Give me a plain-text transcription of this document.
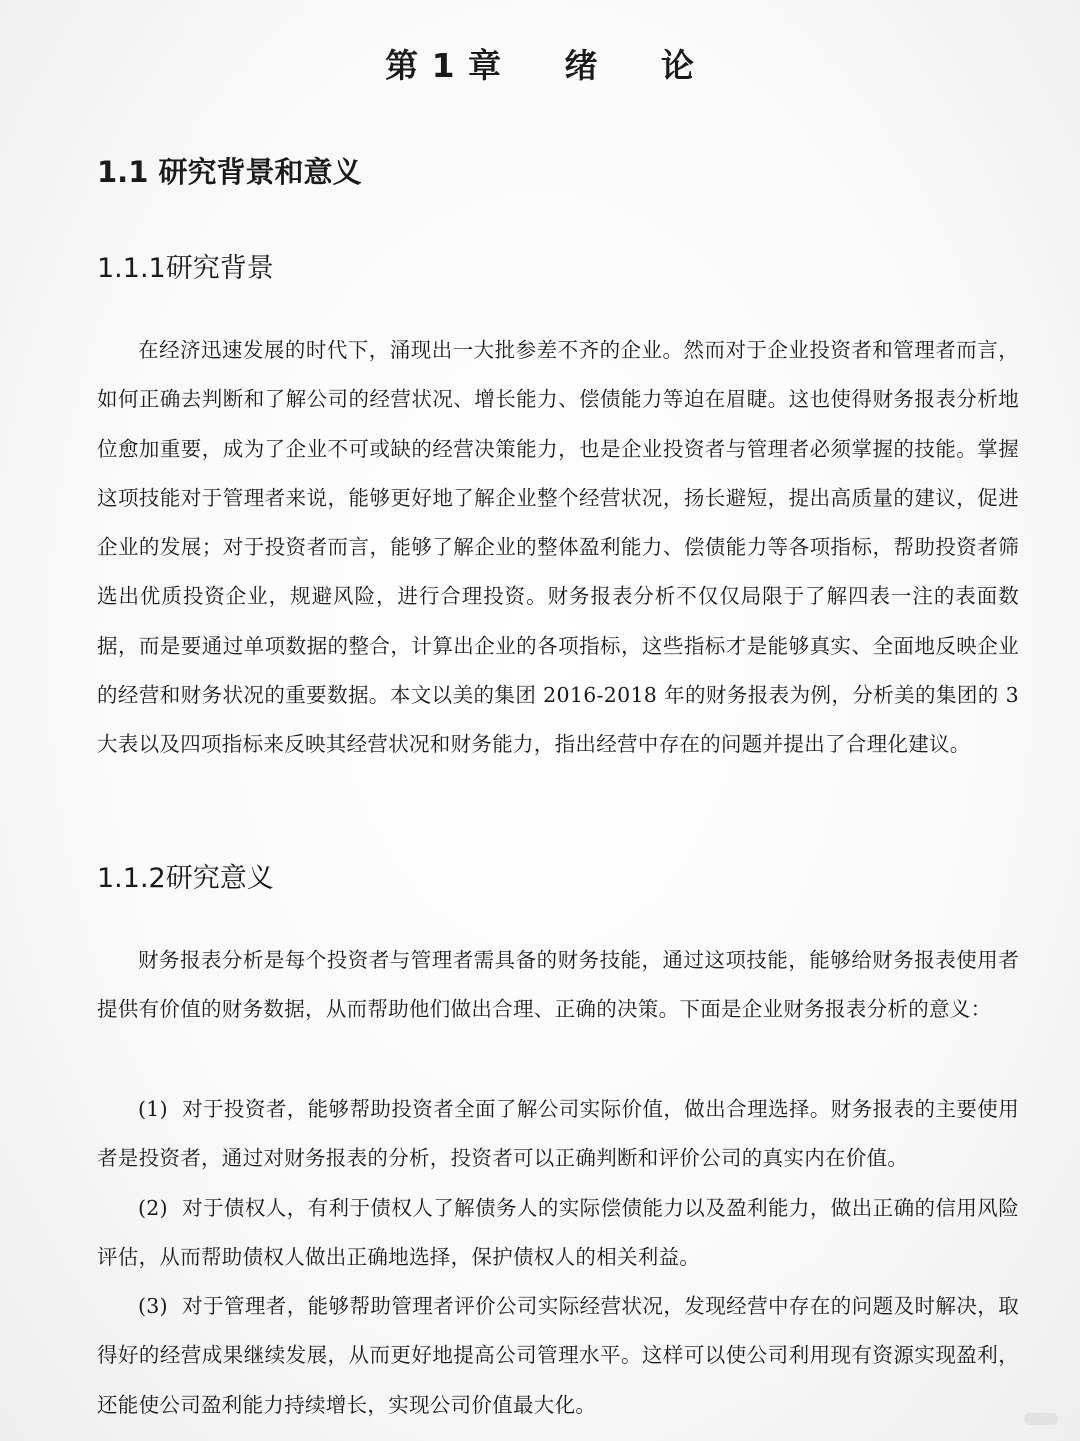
第 1 章     绪     论
1.1 研究背景和意义
1.1.1研究背景
在经济迅速发展的时代下，涌现出一大批参差不齐的企业。然而对于企业投资者和管理者而言，如何正确去判断和了解公司的经营状况、增长能力、偿债能力等迫在眉睫。这也使得财务报表分析地位愈加重要，成为了企业不可或缺的经营决策能力，也是企业投资者与管理者必须掌握的技能。掌握这项技能对于管理者来说，能够更好地了解企业整个经营状况，扬长避短，提出高质量的建议，促进企业的发展；对于投资者而言，能够了解企业的整体盈利能力、偿债能力等各项指标，帮助投资者筛选出优质投资企业，规避风险，进行合理投资。财务报表分析不仅仅局限于了解四表一注的表面数据，而是要通过单项数据的整合，计算出企业的各项指标，这些指标才是能够真实、全面地反映企业的经营和财务状况的重要数据。本文以美的集团 2016-2018 年的财务报表为例，分析美的集团的 3 大表以及四项指标来反映其经营状况和财务能力，指出经营中存在的问题并提出了合理化建议。
1.1.2研究意义
财务报表分析是每个投资者与管理者需具备的财务技能，通过这项技能，能够给财务报表使用者提供有价值的财务数据，从而帮助他们做出合理、正确的决策。下面是企业财务报表分析的意义：

(1) 对于投资者，能够帮助投资者全面了解公司实际价值，做出合理选择。财务报表的主要使用者是投资者，通过对财务报表的分析，投资者可以正确判断和评价公司的真实内在价值。

(2) 对于债权人，有利于债权人了解债务人的实际偿债能力以及盈利能力，做出正确的信用风险评估，从而帮助债权人做出正确地选择，保护债权人的相关利益。

(3) 对于管理者，能够帮助管理者评价公司实际经营状况，发现经营中存在的问题及时解决，取得好的经营成果继续发展，从而更好地提高公司管理水平。这样可以使公司利用现有资源实现盈利，还能使公司盈利能力持续增长，实现公司价值最大化。
